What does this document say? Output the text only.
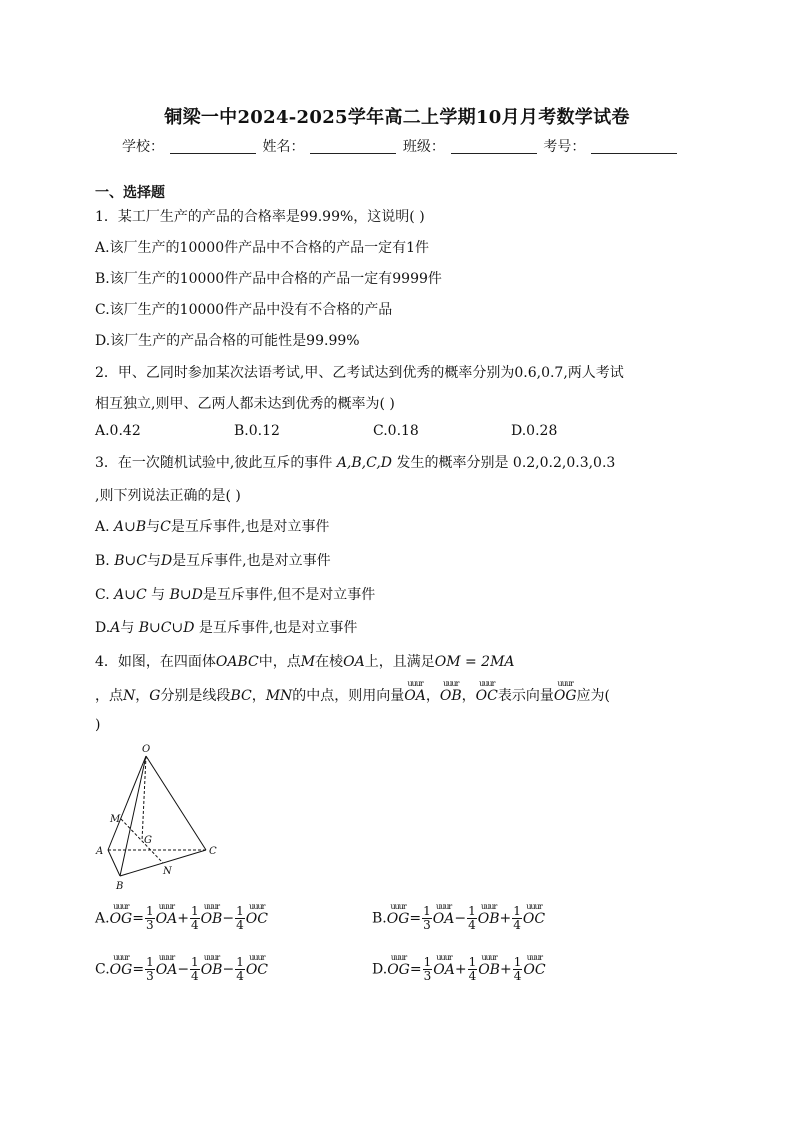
铜梁一中2024-2025学年高二上学期10月月考数学试卷
学校：	姓名：	班级：	考号：
一、选择题
1．某工厂生产的产品的合格率是99.99%，这说明( )
A.该厂生产的10000件产品中不合格的产品一定有1件
B.该厂生产的10000件产品中合格的产品一定有9999件
C.该厂生产的10000件产品中没有不合格的产品
D.该厂生产的产品合格的可能性是99.99%
2．甲、乙同时参加某次法语考试,甲、乙考试达到优秀的概率分别为0.6,0.7,两人考试
相互独立,则甲、乙两人都未达到优秀的概率为( )
A.0.42	B.0.12	C.0.18	D.0.28
3．在一次随机试验中,彼此互斥的事件 A,B,C,D 发生的概率分别是 0.2,0.2,0.3,0.3
,则下列说法正确的是( )
A. A∪B与C是互斥事件,也是对立事件
B. B∪C与D是互斥事件,也是对立事件
C. A∪C 与 B∪D是互斥事件,但不是对立事件
D.A与 B∪C∪D 是互斥事件,也是对立事件
4．如图，在四面体OABC中，点M在棱OA上，且满足OM = 2MA
，点N，G分别是线段BC，MN的中点，则用向量uuur OA，uuur OB，uuur OC表示向量uuur OG应为(
)
O
M
G
A	C
N
B
A.uuur $OG= \frac{1}{3}$ uuur $OA+ \frac{1}{4}$ uuur $OB- \frac{1}{4}$ uuur OC	B.uuur $OG= \frac{1}{3}$ uuur $OA- \frac{1}{4}$ uuur $OB+ \frac{1}{4}$ uuur OC
C.uuur $OG= \frac{1}{3}$ uuur $OA- \frac{1}{4}$ uuur $OB- \frac{1}{4}$ uuur OC	D.uuur $OG= \frac{1}{3}$ uuur $OA+ \frac{1}{4}$ uuur $OB+ \frac{1}{4}$ uuur OC
